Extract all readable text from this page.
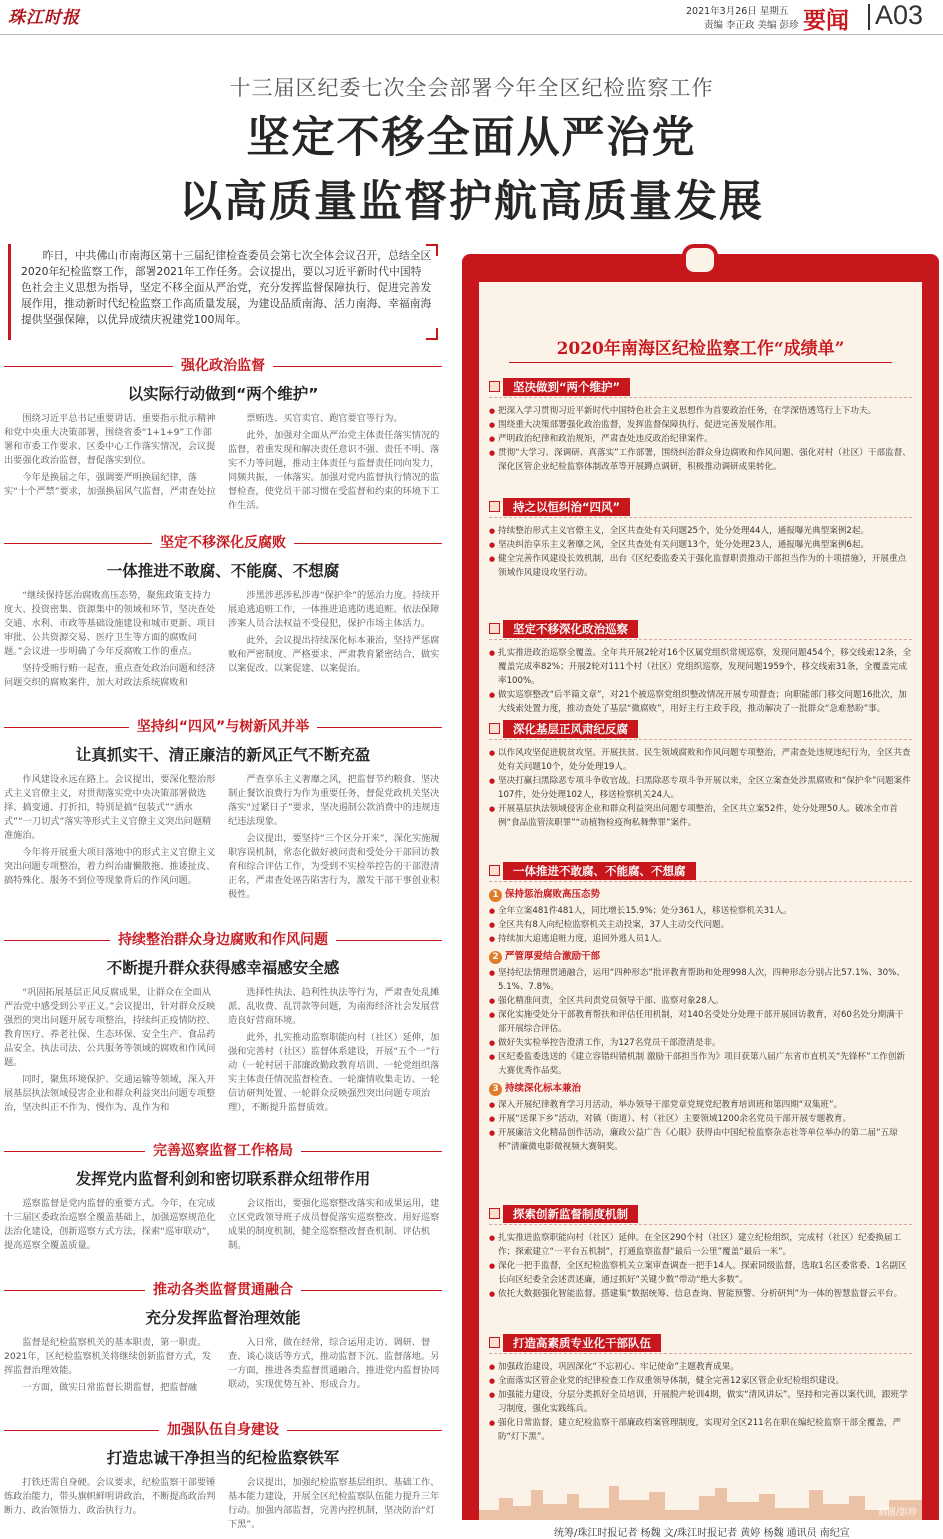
珠江时报	2021年3月26日 星期五
责编 李正政 美编 彭珍 要闻 A03
十三届区纪委七次全会部署今年全区纪检监察工作
坚定不移全面从严治党
以高质量监督护航高质量发展

昨日，中共佛山市南海区第十三届纪律检查委员会第七次全体会议召开，总结全区2020年纪检监察工作，部署2021年工作任务。会议提出，要以习近平新时代中国特色社会主义思想为指导，坚定不移全面从严治党，充分发挥监督保障执行、促进完善发展作用，推动新时代纪检监察工作高质量发展，为建设品质南海、活力南海、幸福南海提供坚强保障，以优异成绩庆祝建党100周年。

强化政治监督
以实际行动做到“两个维护”

围绕习近平总书记重要讲话、重要指示批示精神和党中央重大决策部署，围绕省委“1+1+9”工作部署和市委工作要求、区委中心工作落实情况，会议提出要强化政治监督，督促落实到位。

今年是换届之年，强调要严明换届纪律，落实“十个严禁”要求，加强换届风气监督，严肃查处拉

票贿选、买官卖官、跑官要官等行为。

此外，加强对全面从严治党主体责任落实情况的监督，着重发现和解决责任意识不强、责任不明、落实不力等问题，推动主体责任与监督责任同向发力，同频共振，一体落实。加强对党内监督执行情况的监督检查，使党员干部习惯在受监督和约束的环境下工作生活。

坚定不移深化反腐败
一体推进不敢腐、不能腐、不想腐

“继续保持惩治腐败高压态势，聚焦政策支持力度大、投资密集、资源集中的领域和环节，坚决查处交通、水利、市政等基础设施建设和城市更新、项目审批、公共资源交易、医疗卫生等方面的腐败问题。”会议进一步明确了今年反腐败工作的重点。

坚持受贿行贿一起查，重点查处政治问题和经济问题交织的腐败案件，加大对政法系统腐败和

涉黑涉恶涉私涉毒“保护伞”的惩治力度。持续开展追逃追赃工作，一体推进追逃防逃追赃。依法保障涉案人员合法权益不受侵犯，保护市场主体活力。

此外，会议提出持续深化标本兼治，坚持严惩腐败和严密制度、严格要求、严肃教育紧密结合，做实以案促改、以案促建、以案促治。

坚持纠“四风”与树新风并举
让真抓实干、清正廉洁的新风正气不断充盈

作风建设永远在路上。会议提出，要深化整治形式主义官僚主义，对贯彻落实党中央决策部署做选择、搞变通、打折扣，特别是搞“包装式”“洒水式”“一刀切式”落实等形式主义官僚主义突出问题精准施治。

今年将开展重大项目落地中的形式主义官僚主义突出问题专项整治，着力纠治庸懒散拖、推诿扯皮、搞特殊化、服务不到位等现象背后的作风问题。

严查享乐主义奢靡之风，把监督节约粮食、坚决制止餐饮浪费行为作为重要任务，督促党政机关坚决落实“过紧日子”要求，坚决遏制公款消费中的违规违纪违法现象。

会议提出，要坚持“三个区分开来”，深化实施履职容误机制，常态化做好被问责和受处分干部回访教育和综合评估工作，为受到不实检举控告的干部澄清正名，严肃查处诬告陷害行为，激发干部干事创业积极性。

持续整治群众身边腐败和作风问题
不断提升群众获得感幸福感安全感

“巩固拓展基层正风反腐成果，让群众在全面从严治党中感受到公平正义。”会议提出，针对群众反映强烈的突出问题开展专项整治，持续纠正疫情防控、教育医疗、养老社保、生态环保、安全生产、食品药品安全、执法司法、公共服务等领域的腐败和作风问题。

同时，聚焦环境保护、交通运输等领域，深入开展基层执法领域侵害企业和群众利益突出问题专项整治，坚决纠正不作为、慢作为、乱作为和

选择性执法、趋利性执法等行为，严肃查处乱摊派、乱收费、乱罚款等问题，为南海经济社会发展营造良好营商环境。

此外，扎实推动监察职能向村（社区）延伸，加强和完善村（社区）监督体系建设，开展“五个一”行动（一轮村居干部廉政勤政教育培训、一轮党组织落实主体责任情况监督检查、一轮廉情收集走访、一轮信访研判处置、一轮群众反映强烈突出问题专项治理），不断提升监督质效。

完善巡察监督工作格局
发挥党内监督利剑和密切联系群众纽带作用

巡察监督是党内监督的重要方式。今年，在完成十三届区委政治巡察全覆盖基础上，加强巡察规范化法治化建设，创新巡察方式方法，探索“巡审联动”，提高巡察全覆盖质量。

会议指出，要强化巡察整改落实和成果运用，建立区党政领导班子成员督促落实巡察整改、用好巡察成果的制度机制，健全巡察整改督查机制、评估机制。

推动各类监督贯通融合
充分发挥监督治理效能

监督是纪检监察机关的基本职责，第一职责。2021年，区纪检监察机关将继续创新监督方式，发挥监督治理效能。

一方面，做实日常监督长期监督，把监督融

入日常，做在经常，综合运用走访、调研、督查、谈心谈话等方式，推动监督下沉、监督落地。另一方面，推进各类监督贯通融合，推进党内监督协同联动，实现优势互补、形成合力。

加强队伍自身建设
打造忠诚干净担当的纪检监察铁军

打铁还需自身硬。会议要求，纪检监察干部要锤炼政治能力，带头旗帜鲜明讲政治，不断提高政治判断力、政治领悟力、政治执行力。

会议提出，加强纪检监察基层组织、基础工作、基本能力建设，开展全区纪检监察队伍能力提升三年行动。加强内部监督，完善内控机制，坚决防治“灯下黑”。

2020年南海区纪检监察工作“成绩单”
坚决做到“两个维护”

● 把深入学习贯彻习近平新时代中国特色社会主义思想作为首要政治任务，在学深悟透笃行上下功夫。

● 围绕重大决策部署强化政治监督，发挥监督保障执行、促进完善发展作用。

● 严明政治纪律和政治规矩，严肃查处违反政治纪律案件。

● 贯彻“大学习、深调研、真落实”工作部署，围绕纠治群众身边腐败和作风问题、强化对村（社区）干部监督、深化区管企业纪检监察体制改革等开展蹲点调研，积极推动调研成果转化。

持之以恒纠治“四风”

● 持续整治形式主义官僚主义，全区共查处有关问题25个，处分处理44人，通报曝光典型案例2起。

● 坚决纠治享乐主义奢靡之风，全区共查处有关问题13个，处分处理23人，通报曝光典型案例6起。

● 健全完善作风建设长效机制，出台《区纪委监委关于强化监督职责推动干部担当作为的十项措施》，开展重点领域作风建设攻坚行动。

坚定不移深化政治巡察

● 扎实推进政治巡察全覆盖。全年共开展2轮对16个区属党组织常规巡察，发现问题454个，移交线索12条，全覆盖完成率82%；开展2轮对111个村（社区）党组织巡察，发现问题1959个，移交线索31条，全覆盖完成率100%。

● 做实巡察整改“后半篇文章”，对21个被巡察党组织整改情况开展专项督查；向职能部门移交问题16批次，加大线索处置力度，推动查处了基层“微腐败”，用好主行主政手段，推动解决了一批群众“急难愁盼”事。

深化基层正风肃纪反腐

● 以作风攻坚促进脱贫攻坚。开展扶贫、民生领域腐败和作风问题专项整治，严肃查处违规违纪行为，全区共查处有关问题10个，处分处理19人。

● 坚决打赢扫黑除恶专项斗争收官战。扫黑除恶专项斗争开展以来，全区立案查处涉黑腐败和“保护伞”问题案件107件，处分处理102人，移送检察机关24人。

● 开展基层执法领域侵害企业和群众利益突出问题专项整治，全区共立案52件，处分处理50人。破冰全市首例“食品监管渎职罪”“动植物检疫徇私舞弊罪”案件。

一体推进不敢腐、不能腐、不想腐

1 保持惩治腐败高压态势

● 全年立案481件481人，同比增长15.9%；处分361人，移送检察机关31人。

● 全区共有8人向纪检监察机关主动投案，37人主动交代问题。

● 持续加大追逃追赃力度，追回外逃人员1人。

2 严管厚爱结合激励干部

● 坚持纪法情理贯通融合，运用“四种形态”批评教育帮助和处理998人次，四种形态分别占比57.1%、30%、5.1%、7.8%。

● 强化精准问责，全区共问责党员领导干部、监察对象28人。

● 深化实施受处分干部教育帮扶和评估任用机制，对140名受处分处理干部开展回访教育，对60名处分期满干部开展综合评估。

● 做好失实检举控告澄清工作，为127名党员干部澄清是非。

● 区纪委监委选送的《建立容错纠错机制 激励干部担当作为》项目获第八届广东省市直机关“先锋杯”工作创新大赛优秀作品奖。

3 持续深化标本兼治

● 深入开展纪律教育学习月活动，举办领导干部党章党规党纪教育培训班和第四期“双集班”。

● 开展“送课下乡”活动，对镇（街道）、村（社区）主要领域1200余名党员干部开展专题教育。

● 开展廉洁文化精品创作活动，廉政公益广告《心眼》获得由中国纪检监察杂志社等单位举办的第二届“五琼杯”清廉微电影微视频大赛铜奖。

探索创新监督制度机制

● 扎实推进监察职能向村（社区）延伸。在全区290个村（社区）建立纪检组织，完成村（社区）纪委换届工作；探索建立“一平台五机制”，打通监察监督“最后一公里”覆盖“最后一米”。

● 深化一把手监督，全区纪检监察机关立案审查调查一把手14人。探索同级监督，选取1名区委常委、1名副区长向区纪委全会述责述廉，通过抓好“关键少数”带动“绝大多数”。

● 依托大数据强化智能监督。搭建集“数据统筹、信息查询、智能预警、分析研判”为一体的智慧监督云平台。

打造高素质专业化干部队伍

● 加强政治建设，巩固深化“不忘初心、牢记使命”主题教育成果。

● 全面落实区管企业党的纪律检查工作双重领导体制，健全完善12家区管企业纪检组织建设。

● 加强能力建设，分层分类抓好全员培训，开展脱产轮训4期，做实“清风讲坛”。坚持和完善以案代训，跟班学习制度，强化实践练兵。

● 强化日常监督，建立纪检监察干部廉政档案管理制度，实现对全区211名在职在编纪检监察干部全覆盖，严防“灯下黑”。

制图/彭珍
统筹/珠江时报记者 杨魏 文/珠江时报记者 黄婷 杨魏 通讯员 南纪宣
